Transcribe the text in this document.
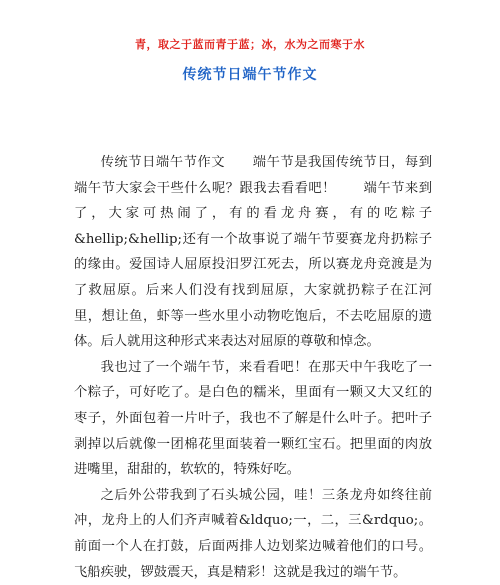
青，取之于蓝而青于蓝；冰，水为之而寒于水
传统节日端午节作文

传统节日端午节作文　　端午节是我国传统节日，每到端午节大家会干些什么呢？跟我去看看吧！　　端午节来到了，大家可热闹了，有的看龙舟赛，有的吃粽子&hellip;&hellip;还有一个故事说了端午节要赛龙舟扔粽子的缘由。爱国诗人屈原投汨罗江死去，所以赛龙舟竞渡是为了救屈原。后来人们没有找到屈原，大家就扔粽子在江河里，想让鱼，虾等一些水里小动物吃饱后，不去吃屈原的遗体。后人就用这种形式来表达对屈原的尊敬和悼念。

我也过了一个端午节，来看看吧！在那天中午我吃了一个粽子，可好吃了。是白色的糯米，里面有一颗又大又红的枣子，外面包着一片叶子，我也不了解是什么叶子。把叶子剥掉以后就像一团棉花里面装着一颗红宝石。把里面的肉放进嘴里，甜甜的，软软的，特殊好吃。

之后外公带我到了石头城公园，哇！三条龙舟如终往前冲，龙舟上的人们齐声喊着&ldquo;一，二，三&rdquo;。前面一个人在打鼓，后面两排人边划桨边喊着他们的口号。飞船疾驶，锣鼓震天，真是精彩！这就是我过的端午节。
